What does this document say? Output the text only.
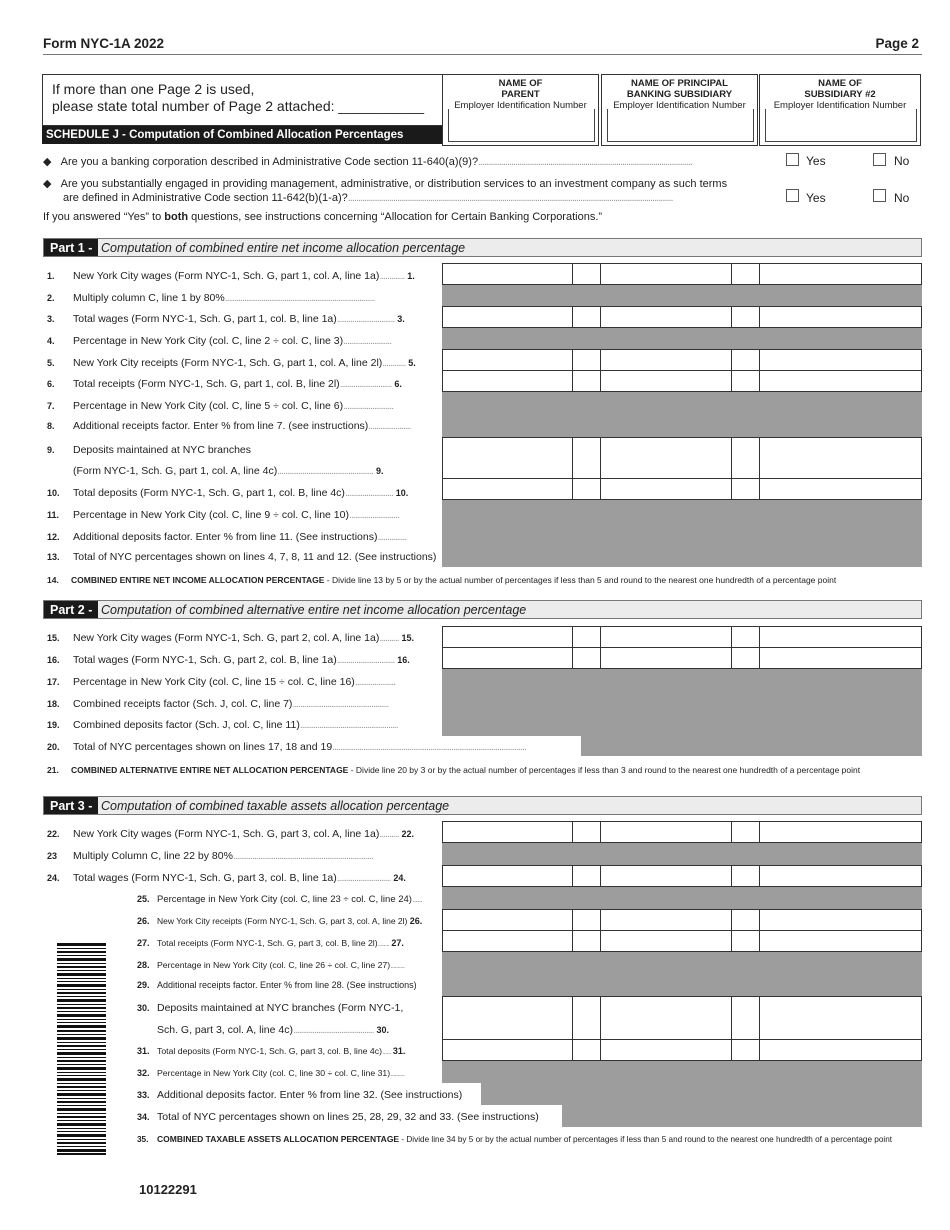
Form NYC-1A 2022	Page 2
If more than one Page 2 is used,
please state total number of Page 2 attached: ___________
SCHEDULE J - Computation of Combined Allocation Percentages
NAME OF
PARENT
Employer Identification Number
NAME OF PRINCIPAL
BANKING SUBSIDIARY
Employer Identification Number
NAME OF
SUBSIDIARY #2
Employer Identification Number
◆ Are you a banking corporation described in Administrative Code section 11-640(a)(9)?........................................................................................................	Yes	No
◆ Are you substantially engaged in providing management, administrative, or distribution services to an investment company as such terms
are defined in Administrative Code section 11-642(b)(1-a)?..............................................................................................................................................................	Yes	No
If you answered “Yes” to both questions, see instructions concerning “Allocation for Certain Banking Corporations.”
Part 1 - Computation of combined entire net income allocation percentage
1. New York City wages (Form NYC-1, Sch. G, part 1, col. A, line 1a)............. 1.
2. Multiply column C, line 1 by 80%..............................................................................
3. Total wages (Form NYC-1, Sch. G, part 1, col. B, line 1a).............................. 3.
4. Percentage in New York City (col. C, line 2 ÷ col. C, line 3).........................
5. New York City receipts (Form NYC-1, Sch. G, part 1, col. A, line 2l)............ 5.
6. Total receipts (Form NYC-1, Sch. G, part 1, col. B, line 2l)........................... 6.
7. Percentage in New York City (col. C, line 5 ÷ col. C, line 6)..........................
8. Additional receipts factor. Enter % from line 7. (see instructions)......................
9. Deposits maintained at NYC branches
(Form NYC-1, Sch. G, part 1, col. A, line 4c).................................................. 9.
10. Total deposits (Form NYC-1, Sch. G, part 1, col. B, line 4c)......................... 10.
11. Percentage in New York City (col. C, line 9 ÷ col. C, line 10)..........................
12. Additional deposits factor. Enter % from line 11. (See instructions)...............
13. Total of NYC percentages shown on lines 4, 7, 8, 11 and 12. (See instructions)
14. COMBINED ENTIRE NET INCOME ALLOCATION PERCENTAGE - Divide line 13 by 5 or by the actual number of percentages if less than 5 and round to the nearest one hundredth of a percentage point
Part 2 - Computation of combined alternative entire net income allocation percentage
15. New York City wages (Form NYC-1, Sch. G, part 2, col. A, line 1a).......... 15.
16. Total wages (Form NYC-1, Sch. G, part 2, col. B, line 1a).............................. 16.
17. Percentage in New York City (col. C, line 15 ÷ col. C, line 16).....................
18. Combined receipts factor (Sch. J, col. C, line 7)..................................................
19. Combined deposits factor (Sch. J, col. C, line 11)...................................................
20. Total of NYC percentages shown on lines 17, 18 and 19.....................................................................................................
21. COMBINED ALTERNATIVE ENTIRE NET ALLOCATION PERCENTAGE - Divide line 20 by 3 or by the actual number of percentages if less than 3 and round to the nearest one hundredth of a percentage point
Part 3 - Computation of combined taxable assets allocation percentage
22. New York City wages (Form NYC-1, Sch. G, part 3, col. A, line 1a).......... 22.
23 Multiply Column C, line 22 by 80%.........................................................................
24. Total wages (Form NYC-1, Sch. G, part 3, col. B, line 1a)............................ 24.
25. Percentage in New York City (col. C, line 23 ÷ col. C, line 24)......
26. New York City receipts (Form NYC-1, Sch. G, part 3, col. A, line 2l) 26.
27. Total receipts (Form NYC-1, Sch. G, part 3, col. B, line 2l)........ 27.
28. Percentage in New York City (col. C, line 26 ÷ col. C, line 27)..........
29. Additional receipts factor. Enter % from line 28. (See instructions)
30. Deposits maintained at NYC branches (Form NYC-1,
Sch. G, part 3, col. A, line 4c).......................................... 30.
31. Total deposits (Form NYC-1, Sch. G, part 3, col. B, line 4c)...... 31.
32. Percentage in New York City (col. C, line 30 ÷ col. C, line 31)..........
33. Additional deposits factor. Enter % from line 32. (See instructions)
34. Total of NYC percentages shown on lines 25, 28, 29, 32 and 33. (See instructions)
35. COMBINED TAXABLE ASSETS ALLOCATION PERCENTAGE - Divide line 34 by 5 or by the actual number of percentages if less than 5 and round to the nearest one hundredth of a percentage point
10122291
